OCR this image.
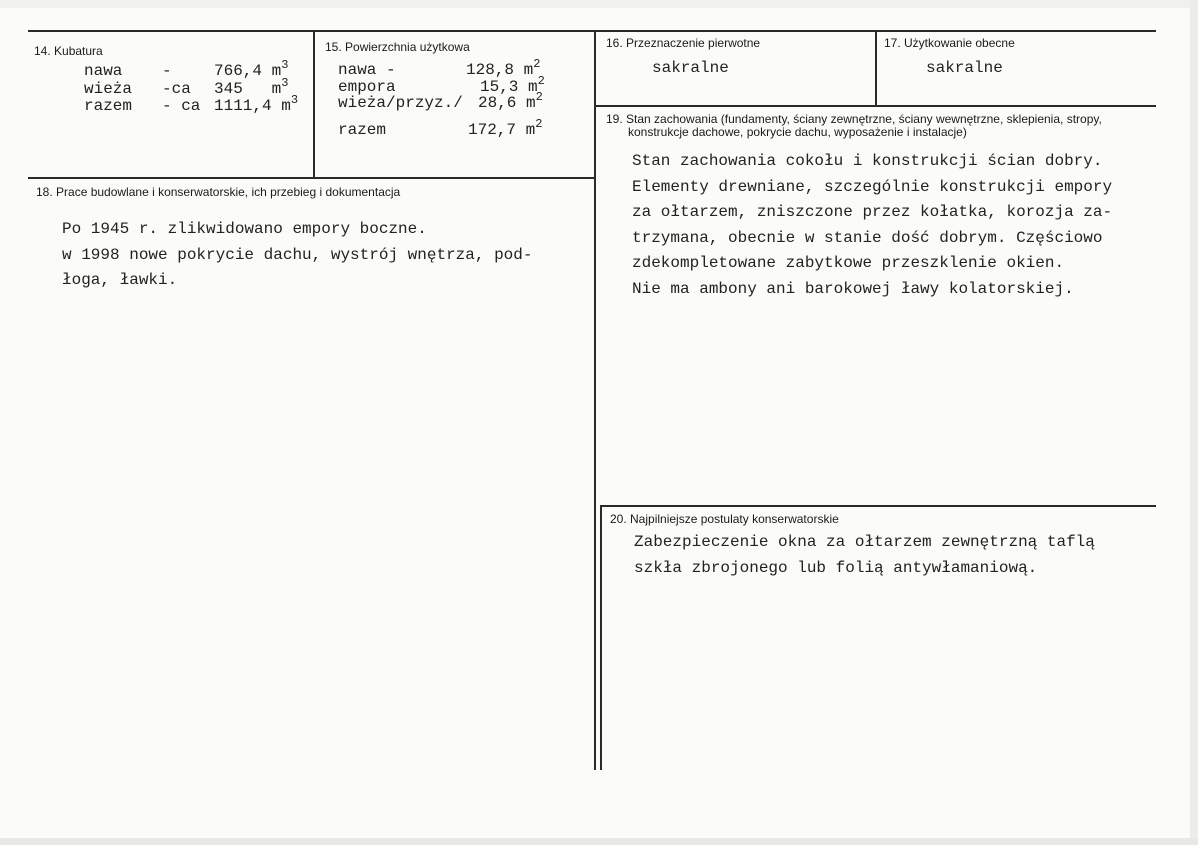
14. Kubatura
nawa -	766,4 $m^3$
wieża -ca 345 $m^3$
razem - ca 1111,4 $m^3$
15. Powierzchnia użytkowa
nawa -	128,8 $m^2$
empora	15,3 $m^2$
wieża/przyz./ 28,6 $m^2$
razem	172,7 $m^2$
16. Przeznaczenie pierwotne
sakralne
17. Użytkowanie obecne
sakralne
18. Prace budowlane i konserwatorskie, ich przebieg i dokumentacja
Po 1945 r. zlikwidowano empory boczne.
w 1998 nowe pokrycie dachu, wystrój wnętrza, pod-
łoga, ławki.
19. Stan zachowania (fundamenty, ściany zewnętrzne, ściany wewnętrzne, sklepienia, stropy,
konstrukcje dachowe, pokrycie dachu, wyposażenie i instalacje)
Stan zachowania cokołu i konstrukcji ścian dobry.
Elementy drewniane, szczególnie konstrukcji empory
za ołtarzem, zniszczone przez kołatka, korozja za-
trzymana, obecnie w stanie dość dobrym. Częściowo
zdekompletowane zabytkowe przeszklenie okien.
Nie ma ambony ani barokowej ławy kolatorskiej.
20. Najpilniejsze postulaty konserwatorskie
Zabezpieczenie okna za ołtarzem zewnętrzną taflą
szkła zbrojonego lub folią antywłamaniową.
